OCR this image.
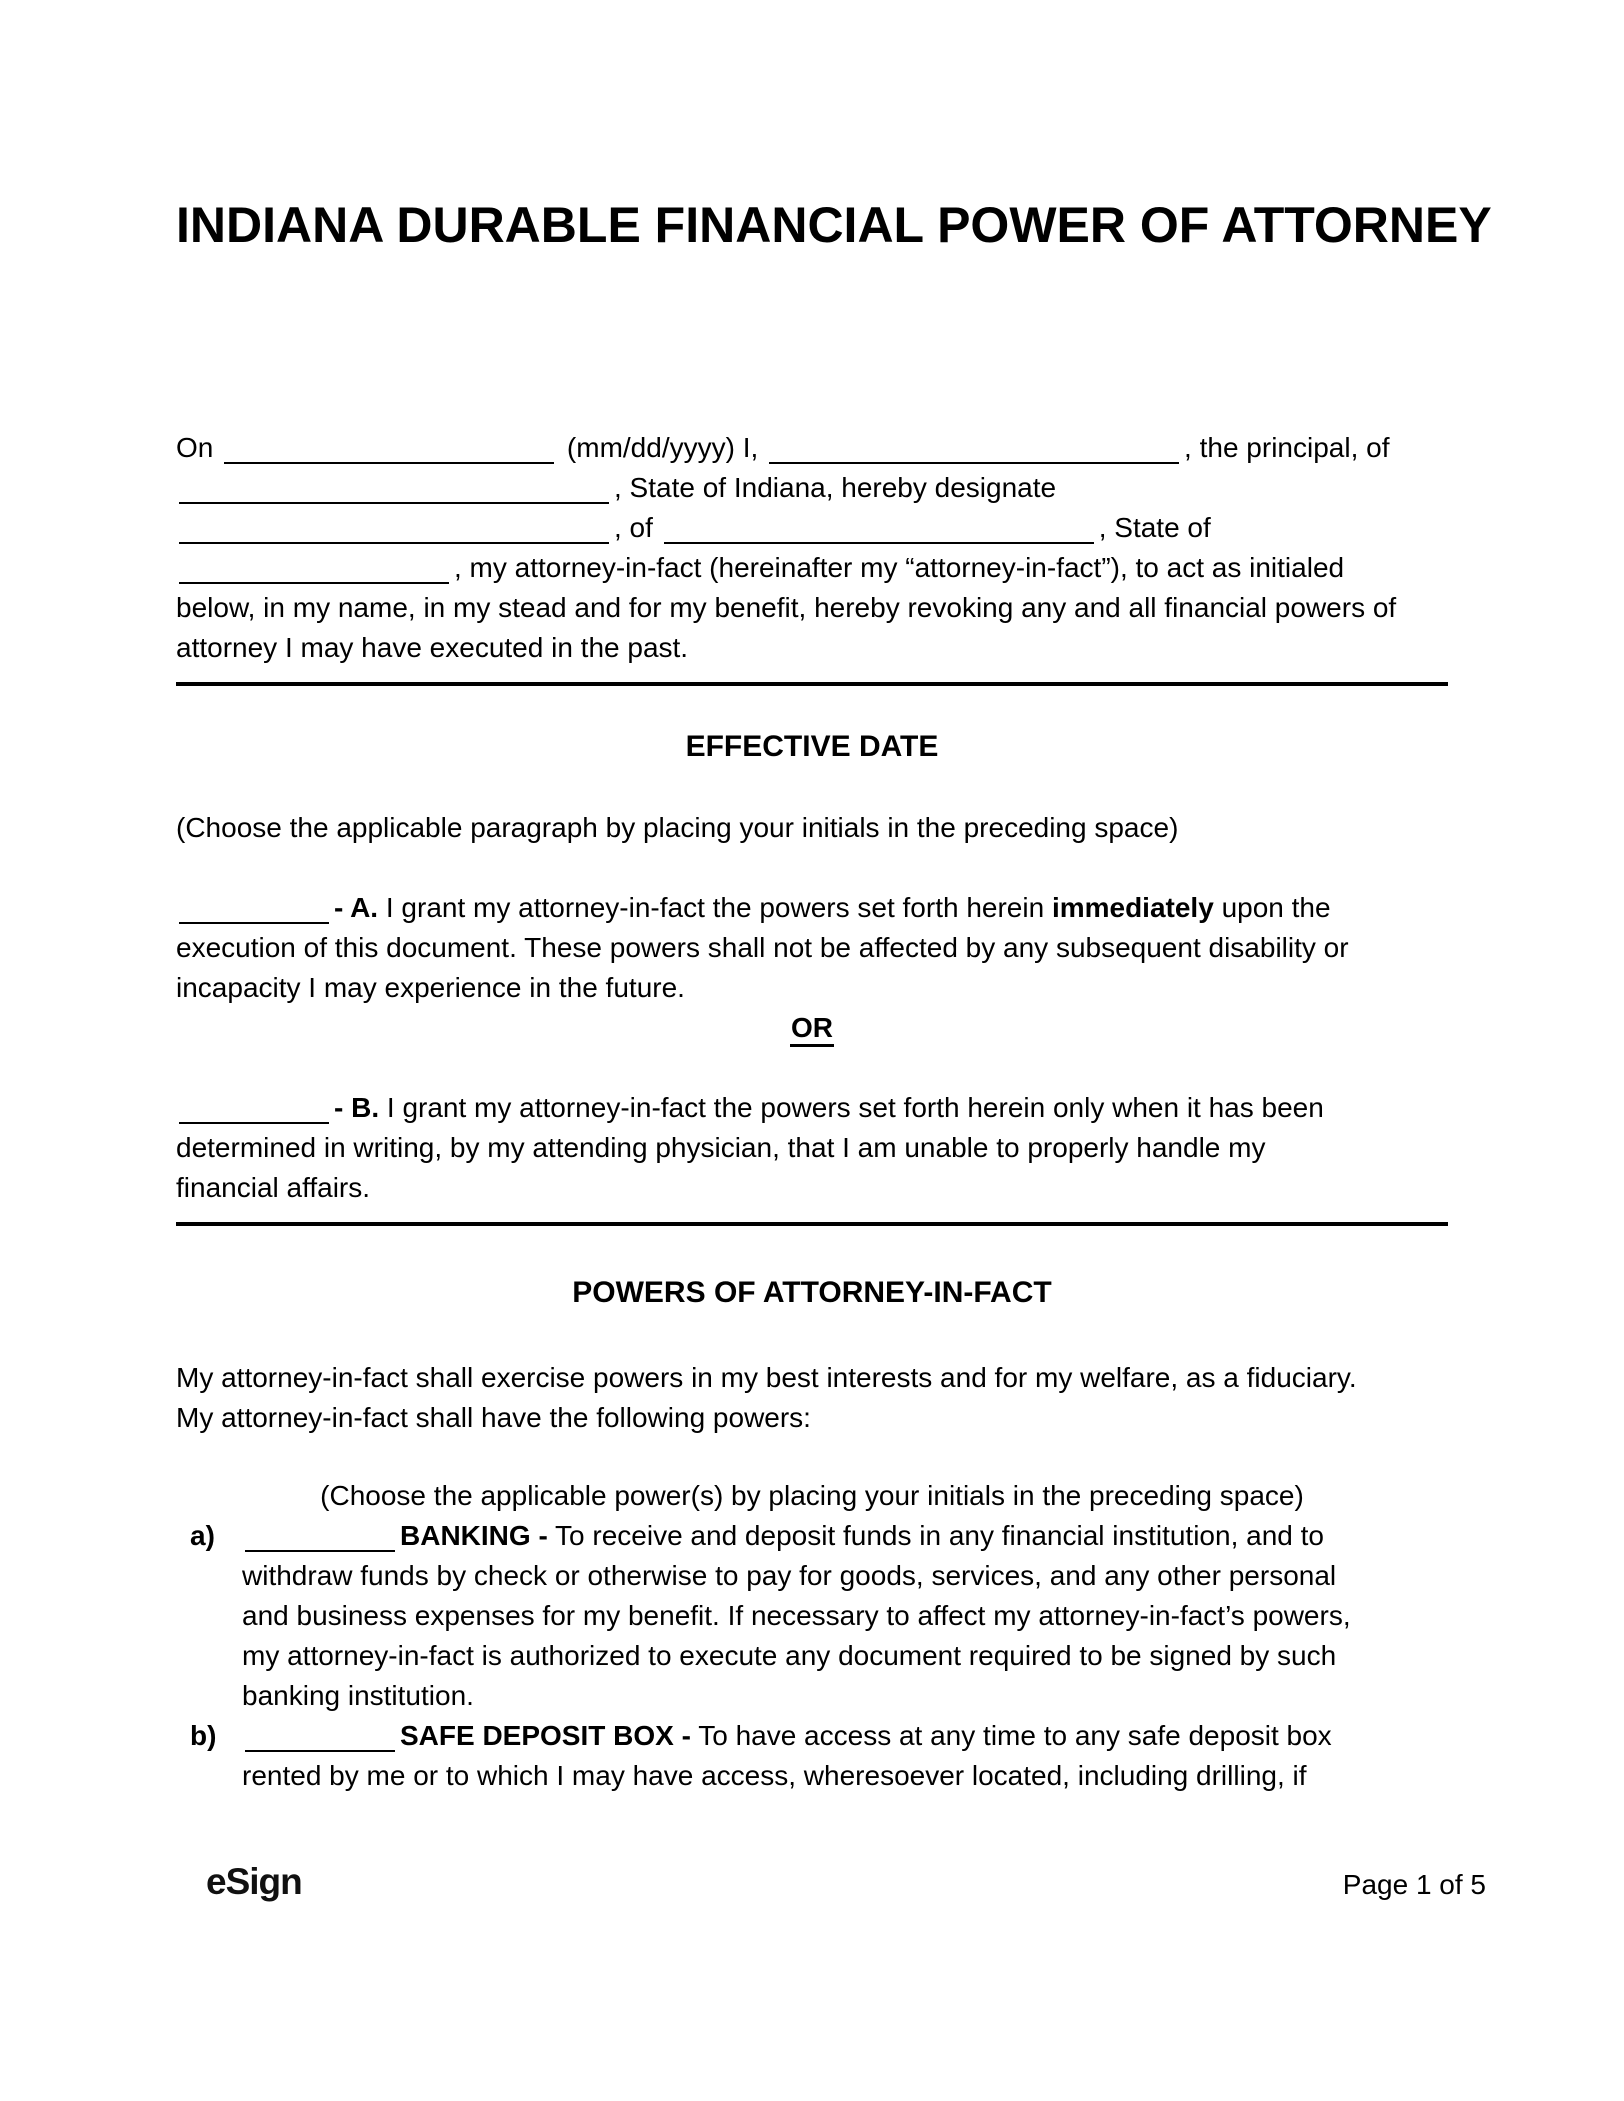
INDIANA DURABLE FINANCIAL POWER OF ATTORNEY
On	(mm/dd/yyyy) I,	, the principal, of
, State of Indiana, hereby designate
, of	, State of
, my attorney-in-fact (hereinafter my “attorney-in-fact”), to act as initialed
below, in my name, in my stead and for my benefit, hereby revoking any and all financial powers of
attorney I may have executed in the past.
EFFECTIVE DATE

(Choose the applicable paragraph by placing your initials in the preceding space)

- A. I grant my attorney-in-fact the powers set forth herein immediately upon the
execution of this document. These powers shall not be affected by any subsequent disability or
incapacity I may experience in the future.

OR

- B. I grant my attorney-in-fact the powers set forth herein only when it has been
determined in writing, by my attending physician, that I am unable to properly handle my
financial affairs.
POWERS OF ATTORNEY-IN-FACT
My attorney-in-fact shall exercise powers in my best interests and for my welfare, as a fiduciary.
My attorney-in-fact shall have the following powers:

(Choose the applicable power(s) by placing your initials in the preceding space)

a)	BANKING - To receive and deposit funds in any financial institution, and to
withdraw funds by check or otherwise to pay for goods, services, and any other personal
and business expenses for my benefit. If necessary to affect my attorney-in-fact’s powers,
my attorney-in-fact is authorized to execute any document required to be signed by such
banking institution.
b)	SAFE DEPOSIT BOX - To have access at any time to any safe deposit box
rented by me or to which I may have access, wheresoever located, including drilling, if
eSign	Page 1 of 5
